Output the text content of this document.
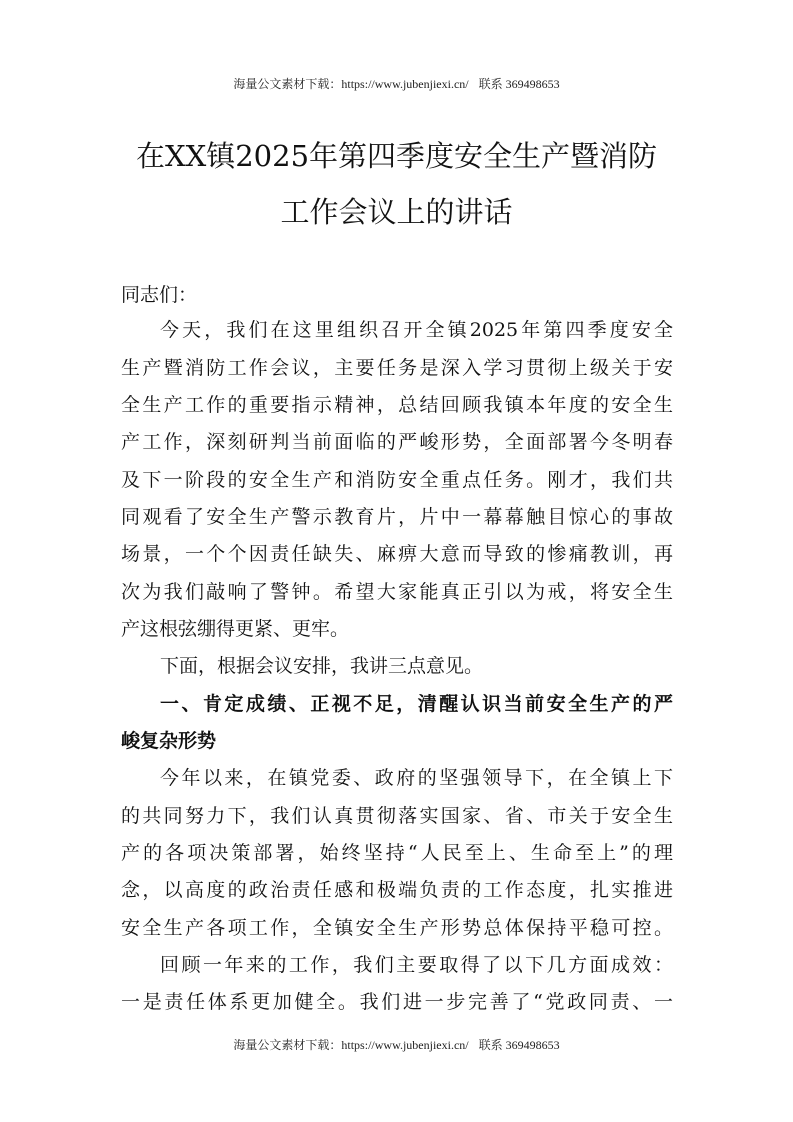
海量公文素材下载：https://www.jubenjiexi.cn/ 联系 369498653
在XX镇2025年第四季度安全生产暨消防
工作会议上的讲话
同志们：
今天，我们在这里组织召开全镇2025年第四季度安全
生产暨消防工作会议，主要任务是深入学习贯彻上级关于安
全生产工作的重要指示精神，总结回顾我镇本年度的安全生
产工作，深刻研判当前面临的严峻形势，全面部署今冬明春
及下一阶段的安全生产和消防安全重点任务。刚才，我们共
同观看了安全生产警示教育片，片中一幕幕触目惊心的事故
场景，一个个因责任缺失、麻痹大意而导致的惨痛教训，再
次为我们敲响了警钟。希望大家能真正引以为戒，将安全生
产这根弦绷得更紧、更牢。
下面，根据会议安排，我讲三点意见。
一、肯定成绩、正视不足，清醒认识当前安全生产的严
峻复杂形势
今年以来，在镇党委、政府的坚强领导下，在全镇上下
的共同努力下，我们认真贯彻落实国家、省、市关于安全生
产的各项决策部署，始终坚持“人民至上、生命至上”的理
念，以高度的政治责任感和极端负责的工作态度，扎实推进
安全生产各项工作，全镇安全生产形势总体保持平稳可控。
回顾一年来的工作，我们主要取得了以下几方面成效：
一是责任体系更加健全。我们进一步完善了“党政同责、一
海量公文素材下载：https://www.jubenjiexi.cn/ 联系 369498653
